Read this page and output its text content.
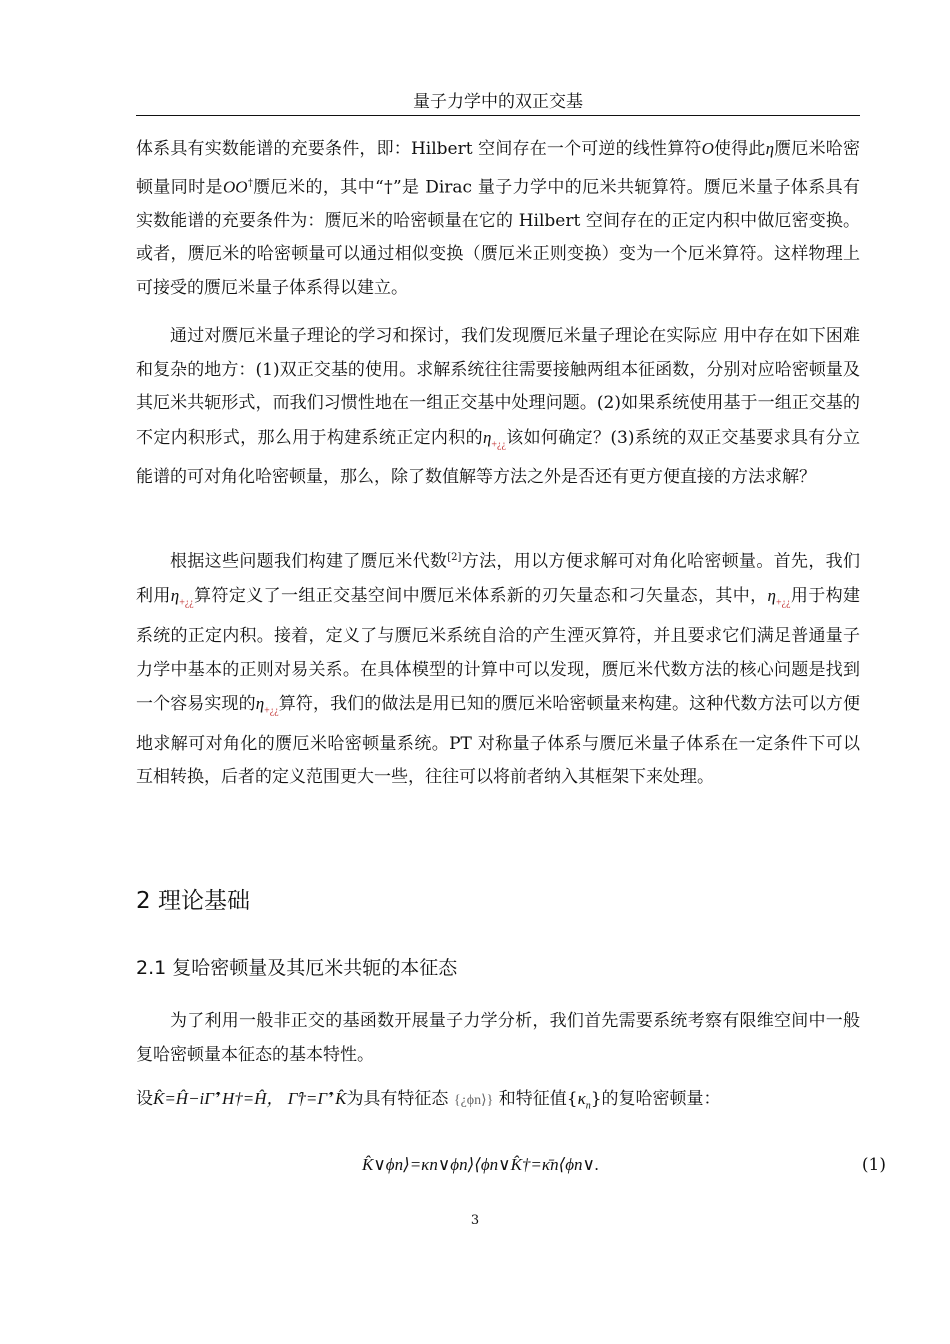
量子力学中的双正交基

体系具有实数能谱的充要条件，即：Hilbert 空间存在一个可逆的线性算符O使得此η赝厄米哈密顿量同时是OO†赝厄米的，其中“†”是 Dirac 量子力学中的厄米共轭算符。赝厄米量子体系具有实数能谱的充要条件为：赝厄米的哈密顿量在它的 Hilbert 空间存在的正定内积中做厄密变换。或者，赝厄米的哈密顿量可以通过相似变换（赝厄米正则变换）变为一个厄米算符。这样物理上可接受的赝厄米量子体系得以建立。

通过对赝厄米量子理论的学习和探讨，我们发现赝厄米量子理论在实际应 用中存在如下困难和复杂的地方：(1)双正交基的使用。求解系统往往需要接触两组本征函数，分别对应哈密顿量及其厄米共轭形式，而我们习惯性地在一组正交基中处理问题。(2)如果系统使用基于一组正交基的不定内积形式，那么用于构建系统正定内积的$\eta_{+¿¿}$该如何确定？(3)系统的双正交基要求具有分立能谱的可对角化哈密顿量，那么，除了数值解等方法之外是否还有更方便直接的方法求解？

根据这些问题我们构建了赝厄米代数[2]方法，用以方便求解可对角化哈密顿量。首先，我们利用$\eta_{+¿¿}$算符定义了一组正交基空间中赝厄米体系新的刃矢量态和刁矢量态，其中，$\eta_{+¿¿}$用于构建系统的正定内积。接着，定义了与赝厄米系统自洽的产生湮灭算符，并且要求它们满足普通量子力学中基本的正则对易关系。在具体模型的计算中可以发现，赝厄米代数方法的核心问题是找到一个容易实现的$\eta_{+¿¿}$算符，我们的做法是用已知的赝厄米哈密顿量来构建。这种代数方法可以方便地求解可对角化的赝厄米哈密顿量系统。PT 对称量子体系与赝厄米量子体系在一定条件下可以互相转换，后者的定义范围更大一些，往往可以将前者纳入其框架下来处理。

2 理论基础
2.1 复哈密顿量及其厄米共轭的本征态

为了利用一般非正交的基函数开展量子力学分析，我们首先需要系统考察有限维空间中一般复哈密顿量本征态的基本特性。

设K̂=Ĥ−iΓ̂’ H†=Ĥ， Γ̂†=Γ̂’ K̂为具有特征态 {¿ϕn⟩} 和特征值$\{\kappa_n\}$的复哈密顿量：

K̂∨ϕn⟩=κn∨ϕn⟩⟨ϕn∨K̂†=κ̄n⟨ϕn∨.	(1)
3
